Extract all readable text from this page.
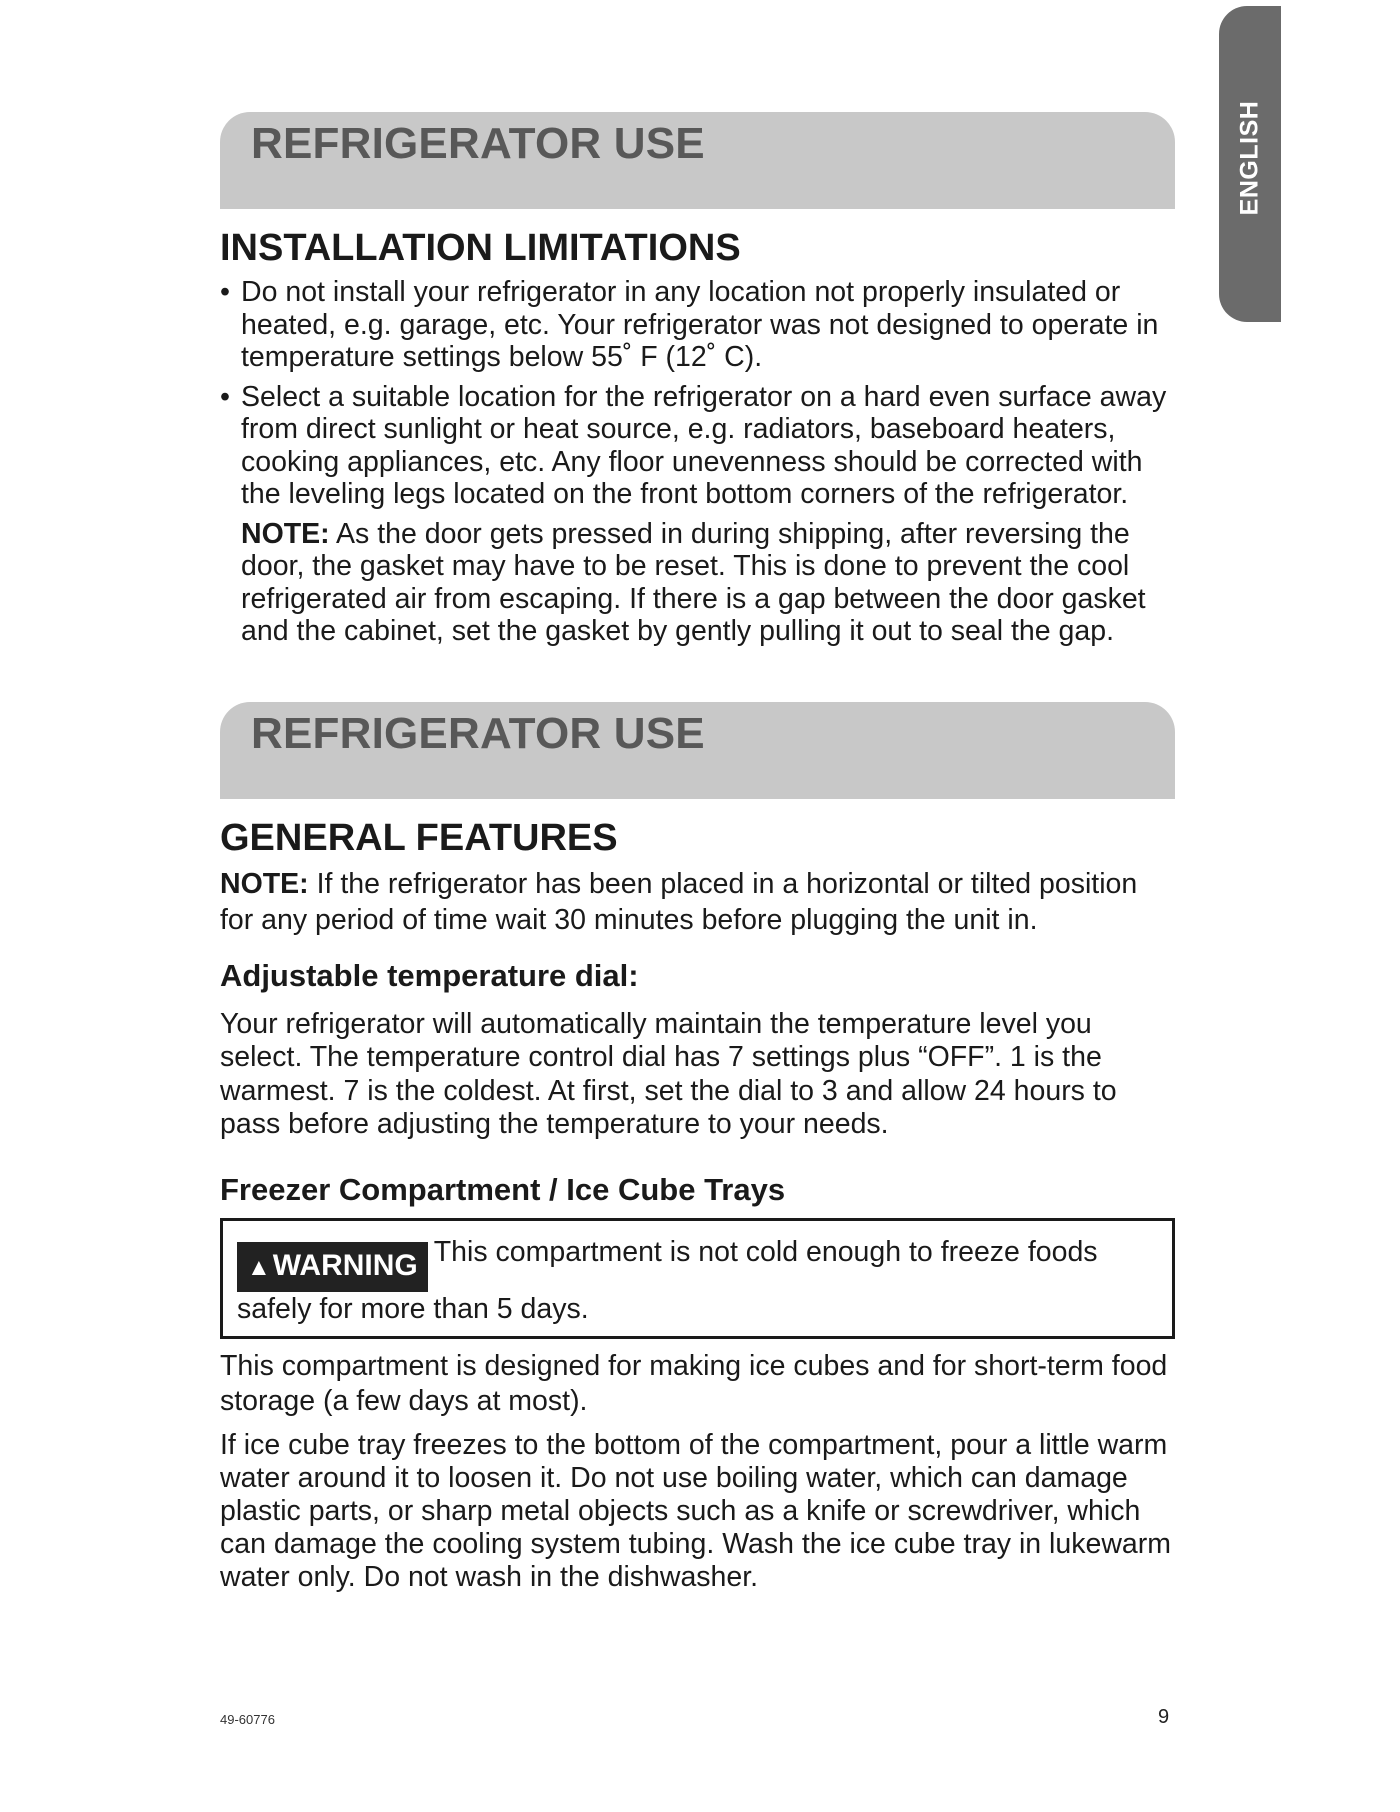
ENGLISH
REFRIGERATOR USE
INSTALLATION LIMITATIONS
• Do not install your refrigerator in any location not properly insulated or heated, e.g. garage, etc. Your refrigerator was not designed to operate in temperature settings below 55˚ F (12˚ C).
• Select a suitable location for the refrigerator on a hard even surface away from direct sunlight or heat source, e.g. radiators, baseboard heaters, cooking appliances, etc. Any floor unevenness should be corrected with the leveling legs located on the front bottom corners of the refrigerator.
NOTE: As the door gets pressed in during shipping, after reversing the door, the gasket may have to be reset. This is done to prevent the cool refrigerated air from escaping. If there is a gap between the door gasket and the cabinet, set the gasket by gently pulling it out to seal the gap.
REFRIGERATOR USE
GENERAL FEATURES

NOTE: If the refrigerator has been placed in a horizontal or tilted position for any period of time wait 30 minutes before plugging the unit in.

Adjustable temperature dial:

Your refrigerator will automatically maintain the temperature level you select. The temperature control dial has 7 settings plus “OFF”. 1 is the warmest. 7 is the coldest. At first, set the dial to 3 and allow 24 hours to pass before adjusting the temperature to your needs.

Freezer Compartment / Ice Cube Trays
▲WARNING This compartment is not cold enough to freeze foods safely for more than 5 days.

This compartment is designed for making ice cubes and for short-term food storage (a few days at most).

If ice cube tray freezes to the bottom of the compartment, pour a little warm water around it to loosen it. Do not use boiling water, which can damage plastic parts, or sharp metal objects such as a knife or screwdriver, which can damage the cooling system tubing. Wash the ice cube tray in lukewarm water only. Do not wash in the dishwasher.

49-60776	9
